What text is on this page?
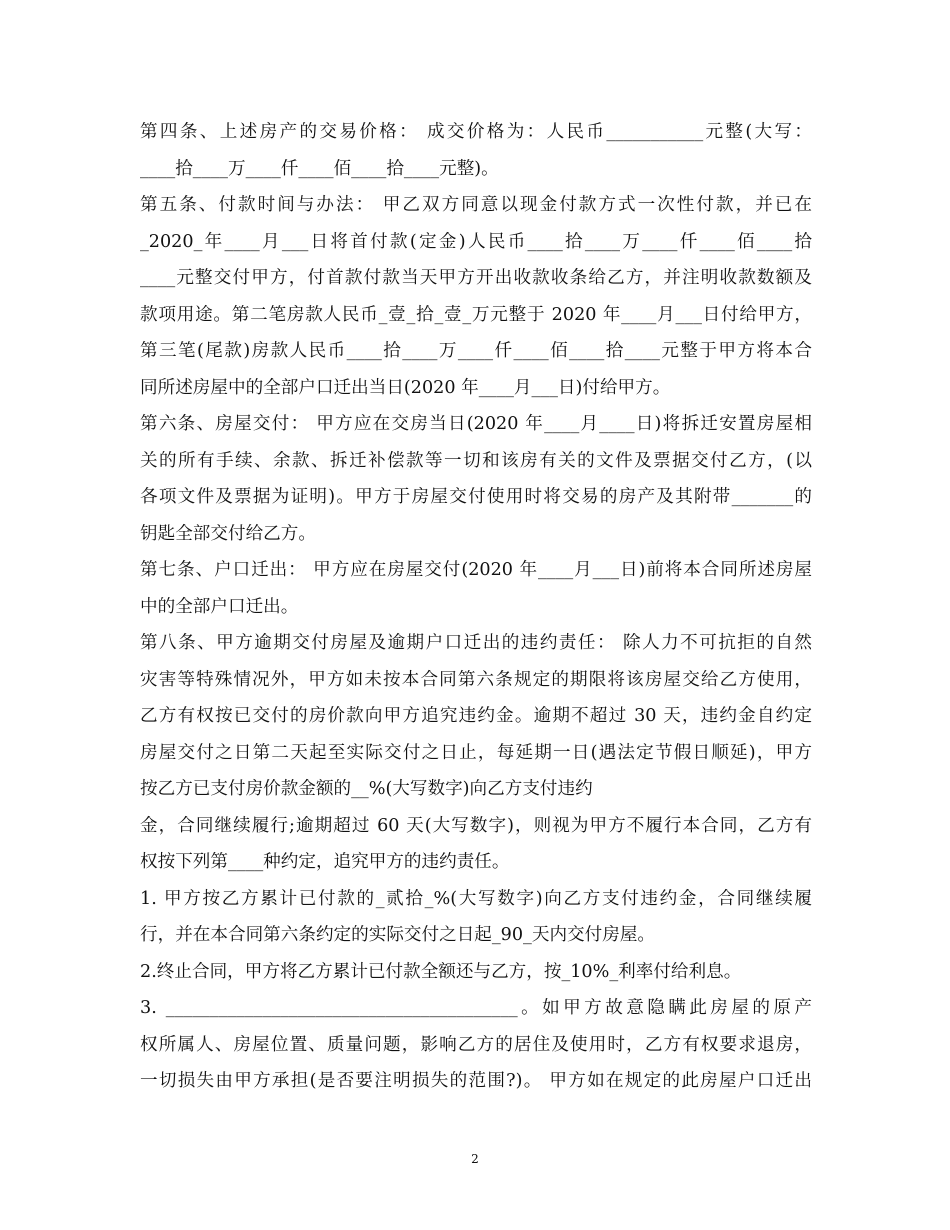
第四条、上述房产的交易价格： 成交价格为：人民币___________元整(大写：
____拾____万____仟____佰____拾____元整)。
第五条、付款时间与办法： 甲乙双方同意以现金付款方式一次性付款，并已在
_2020_年____月___日将首付款(定金)人民币____拾____万____仟____佰____拾
____元整交付甲方，付首款付款当天甲方开出收款收条给乙方，并注明收款数额及
款项用途。第二笔房款人民币_壹_拾_壹_万元整于 2020 年____月___日付给甲方，
第三笔(尾款)房款人民币____拾____万____仟____佰____拾____元整于甲方将本合
同所述房屋中的全部户口迁出当日(2020 年____月___日)付给甲方。
第六条、房屋交付： 甲方应在交房当日(2020 年____月____日)将拆迁安置房屋相
关的所有手续、余款、拆迁补偿款等一切和该房有关的文件及票据交付乙方，(以
各项文件及票据为证明)。甲方于房屋交付使用时将交易的房产及其附带_______的
钥匙全部交付给乙方。
第七条、户口迁出： 甲方应在房屋交付(2020 年____月___日)前将本合同所述房屋
中的全部户口迁出。
第八条、甲方逾期交付房屋及逾期户口迁出的违约责任： 除人力不可抗拒的自然
灾害等特殊情况外，甲方如未按本合同第六条规定的期限将该房屋交给乙方使用，
乙方有权按已交付的房价款向甲方追究违约金。逾期不超过 30 天，违约金自约定
房屋交付之日第二天起至实际交付之日止，每延期一日(遇法定节假日顺延)，甲方
按乙方已支付房价款金额的__%(大写数字)向乙方支付违约
金，合同继续履行;逾期超过 60 天(大写数字)，则视为甲方不履行本合同，乙方有
权按下列第____种约定，追究甲方的违约责任。
1. 甲方按乙方累计已付款的_贰拾_%(大写数字)向乙方支付违约金，合同继续履
行，并在本合同第六条约定的实际交付之日起_90_天内交付房屋。
2.终止合同，甲方将乙方累计已付款全额还与乙方，按_10%_利率付给利息。
3. ________________________________________。如甲方故意隐瞒此房屋的原产
权所属人、房屋位置、质量问题，影响乙方的居住及使用时，乙方有权要求退房，
一切损失由甲方承担(是否要注明损失的范围?)。 甲方如在规定的此房屋户口迁出
2
